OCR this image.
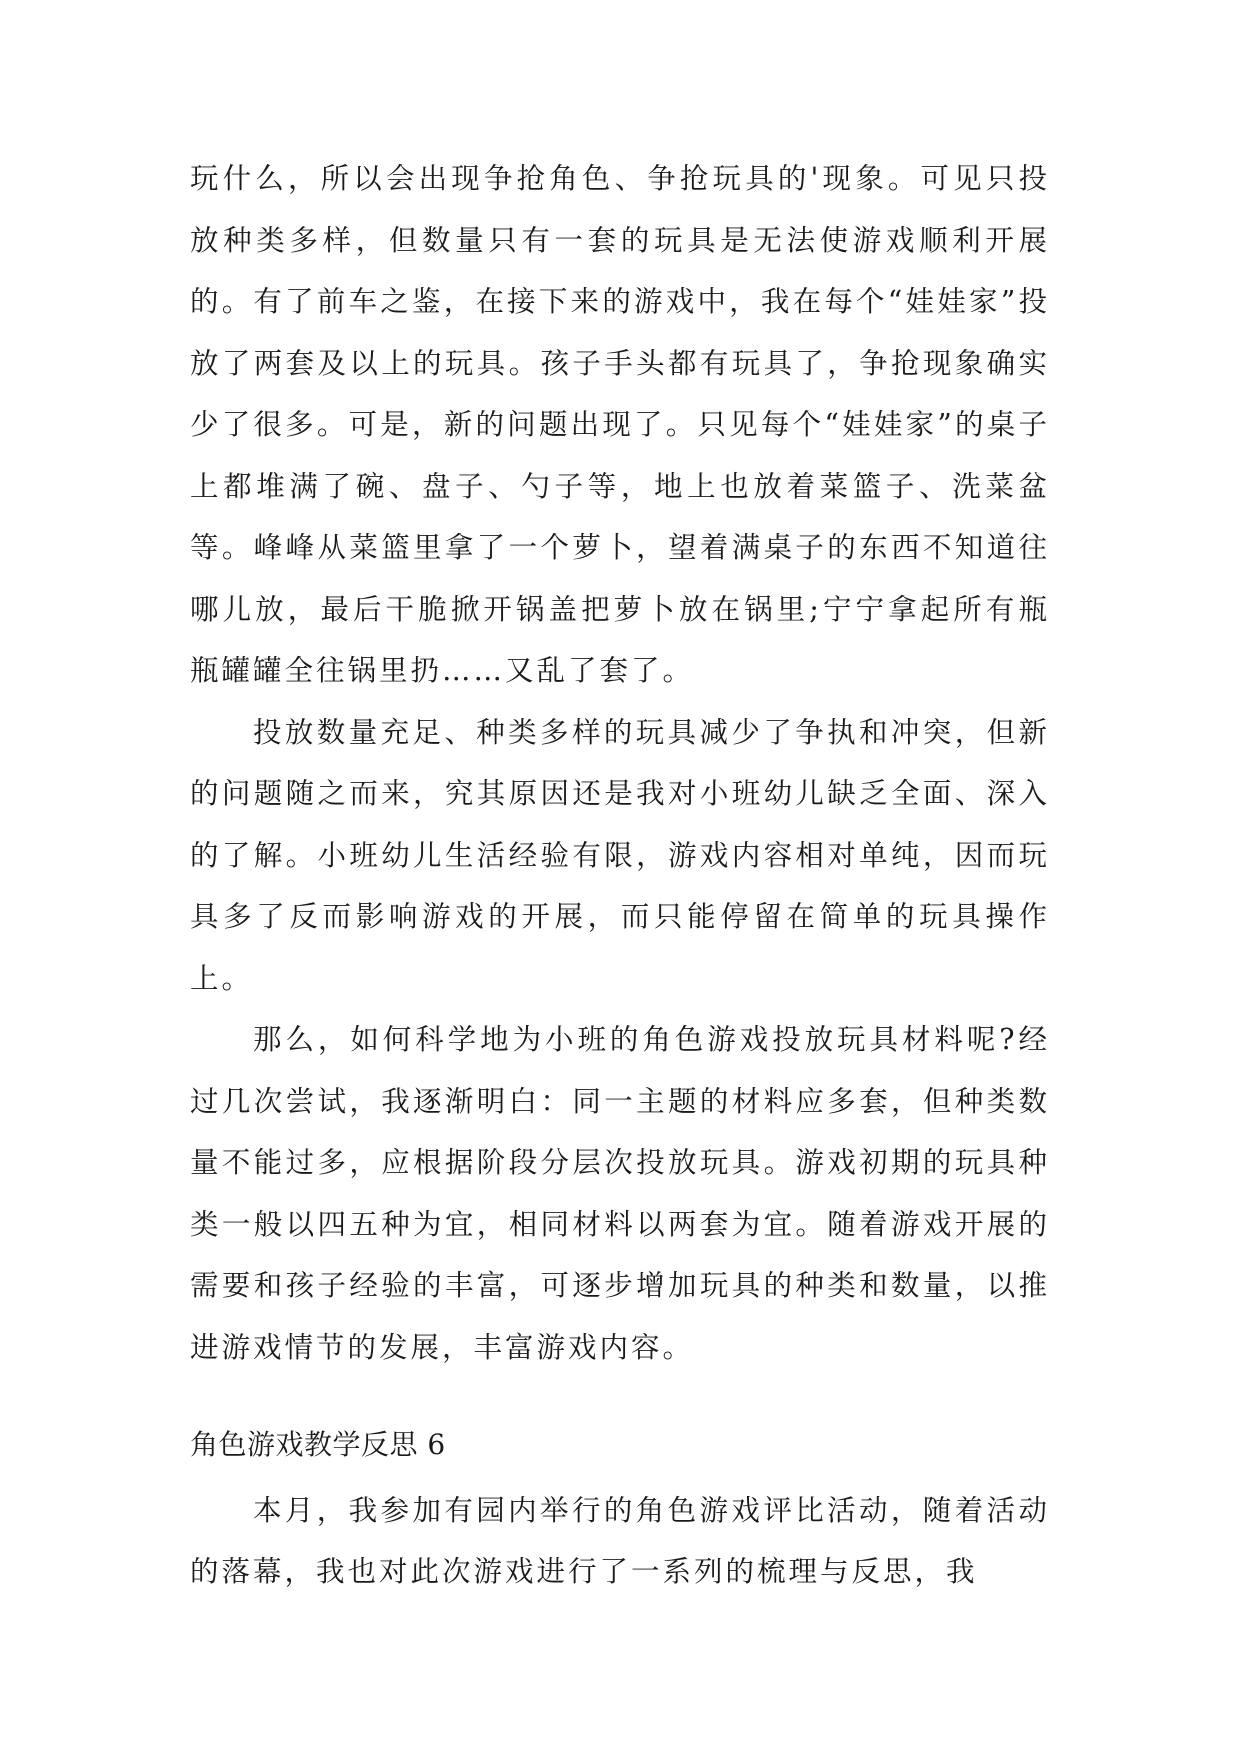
玩什么，所以会出现争抢角色、争抢玩具的'现象。可见只投放种类多样，但数量只有一套的玩具是无法使游戏顺利开展的。有了前车之鉴，在接下来的游戏中，我在每个“娃娃家”投放了两套及以上的玩具。孩子手头都有玩具了，争抢现象确实少了很多。可是，新的问题出现了。只见每个“娃娃家”的桌子上都堆满了碗、盘子、勺子等，地上也放着菜篮子、洗菜盆等。峰峰从菜篮里拿了一个萝卜，望着满桌子的东西不知道往哪儿放，最后干脆掀开锅盖把萝卜放在锅里;宁宁拿起所有瓶瓶罐罐全往锅里扔……又乱了套了。

投放数量充足、种类多样的玩具减少了争执和冲突，但新的问题随之而来，究其原因还是我对小班幼儿缺乏全面、深入的了解。小班幼儿生活经验有限，游戏内容相对单纯，因而玩具多了反而影响游戏的开展，而只能停留在简单的玩具操作上。

那么，如何科学地为小班的角色游戏投放玩具材料呢?经过几次尝试，我逐渐明白：同一主题的材料应多套，但种类数量不能过多，应根据阶段分层次投放玩具。游戏初期的玩具种类一般以四五种为宜，相同材料以两套为宜。随着游戏开展的需要和孩子经验的丰富，可逐步增加玩具的种类和数量，以推进游戏情节的发展，丰富游戏内容。

角色游戏教学反思 6

本月，我参加有园内举行的角色游戏评比活动，随着活动的落幕，我也对此次游戏进行了一系列的梳理与反思，我
